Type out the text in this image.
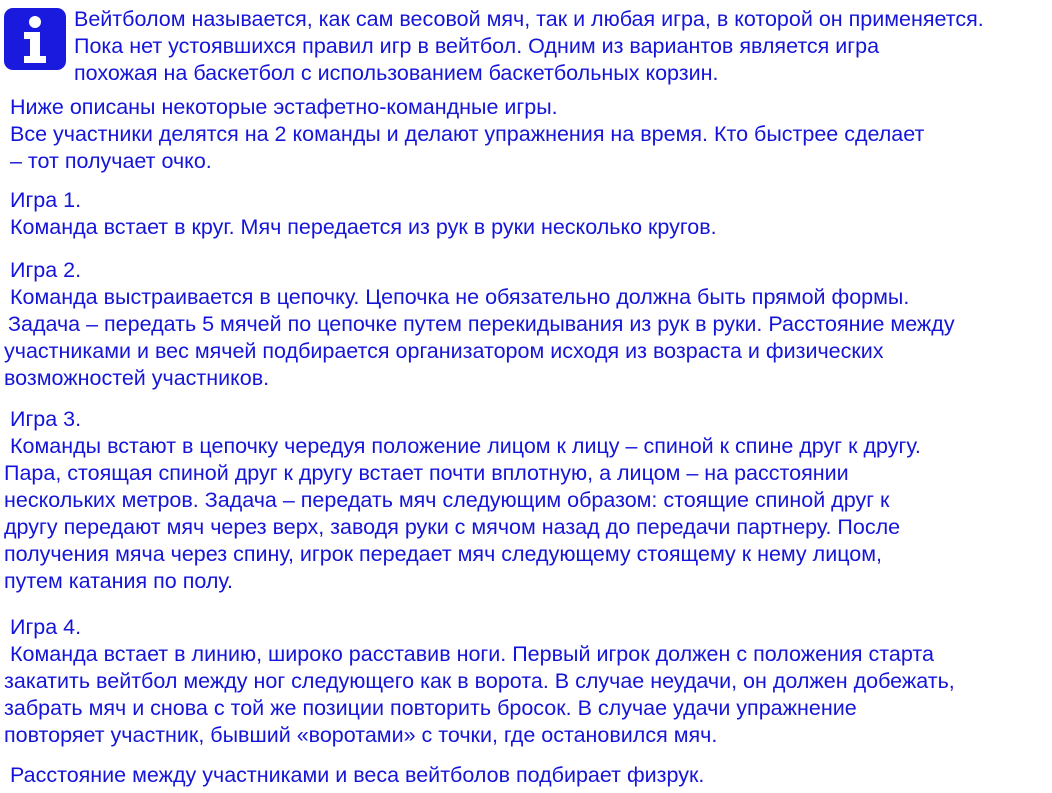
Вейтболом называется, как сам весовой мяч, так и любая игра, в которой он применяется.
Пока нет устоявшихся правил игр в вейтбол. Одним из вариантов является игра
похожая на баскетбол с использованием баскетбольных корзин.
Ниже описаны некоторые эстафетно-командные игры.
Все участники делятся на 2 команды и делают упражнения на время. Кто быстрее сделает
– тот получает очко.
Игра 1.
Команда встает в круг. Мяч передается из рук в руки несколько кругов.
Игра 2.
Команда выстраивается в цепочку. Цепочка не обязательно должна быть прямой формы.
Задача – передать 5 мячей по цепочке путем перекидывания из рук в руки. Расстояние между
участниками и вес мячей подбирается организатором исходя из возраста и физических
возможностей участников.
Игра 3.
Команды встают в цепочку чередуя положение лицом к лицу – спиной к спине друг к другу.
Пара, стоящая спиной друг к другу встает почти вплотную, а лицом – на расстоянии
нескольких метров. Задача – передать мяч следующим образом: стоящие спиной друг к
другу передают мяч через верх, заводя руки с мячом назад до передачи партнеру. После
получения мяча через спину, игрок передает мяч следующему стоящему к нему лицом,
путем катания по полу.
Игра 4.
Команда встает в линию, широко расставив ноги. Первый игрок должен с положения старта
закатить вейтбол между ног следующего как в ворота. В случае неудачи, он должен добежать,
забрать мяч и снова с той же позиции повторить бросок. В случае удачи упражнение
повторяет участник, бывший «воротами» с точки, где остановился мяч.
Расстояние между участниками и веса вейтболов подбирает физрук.
